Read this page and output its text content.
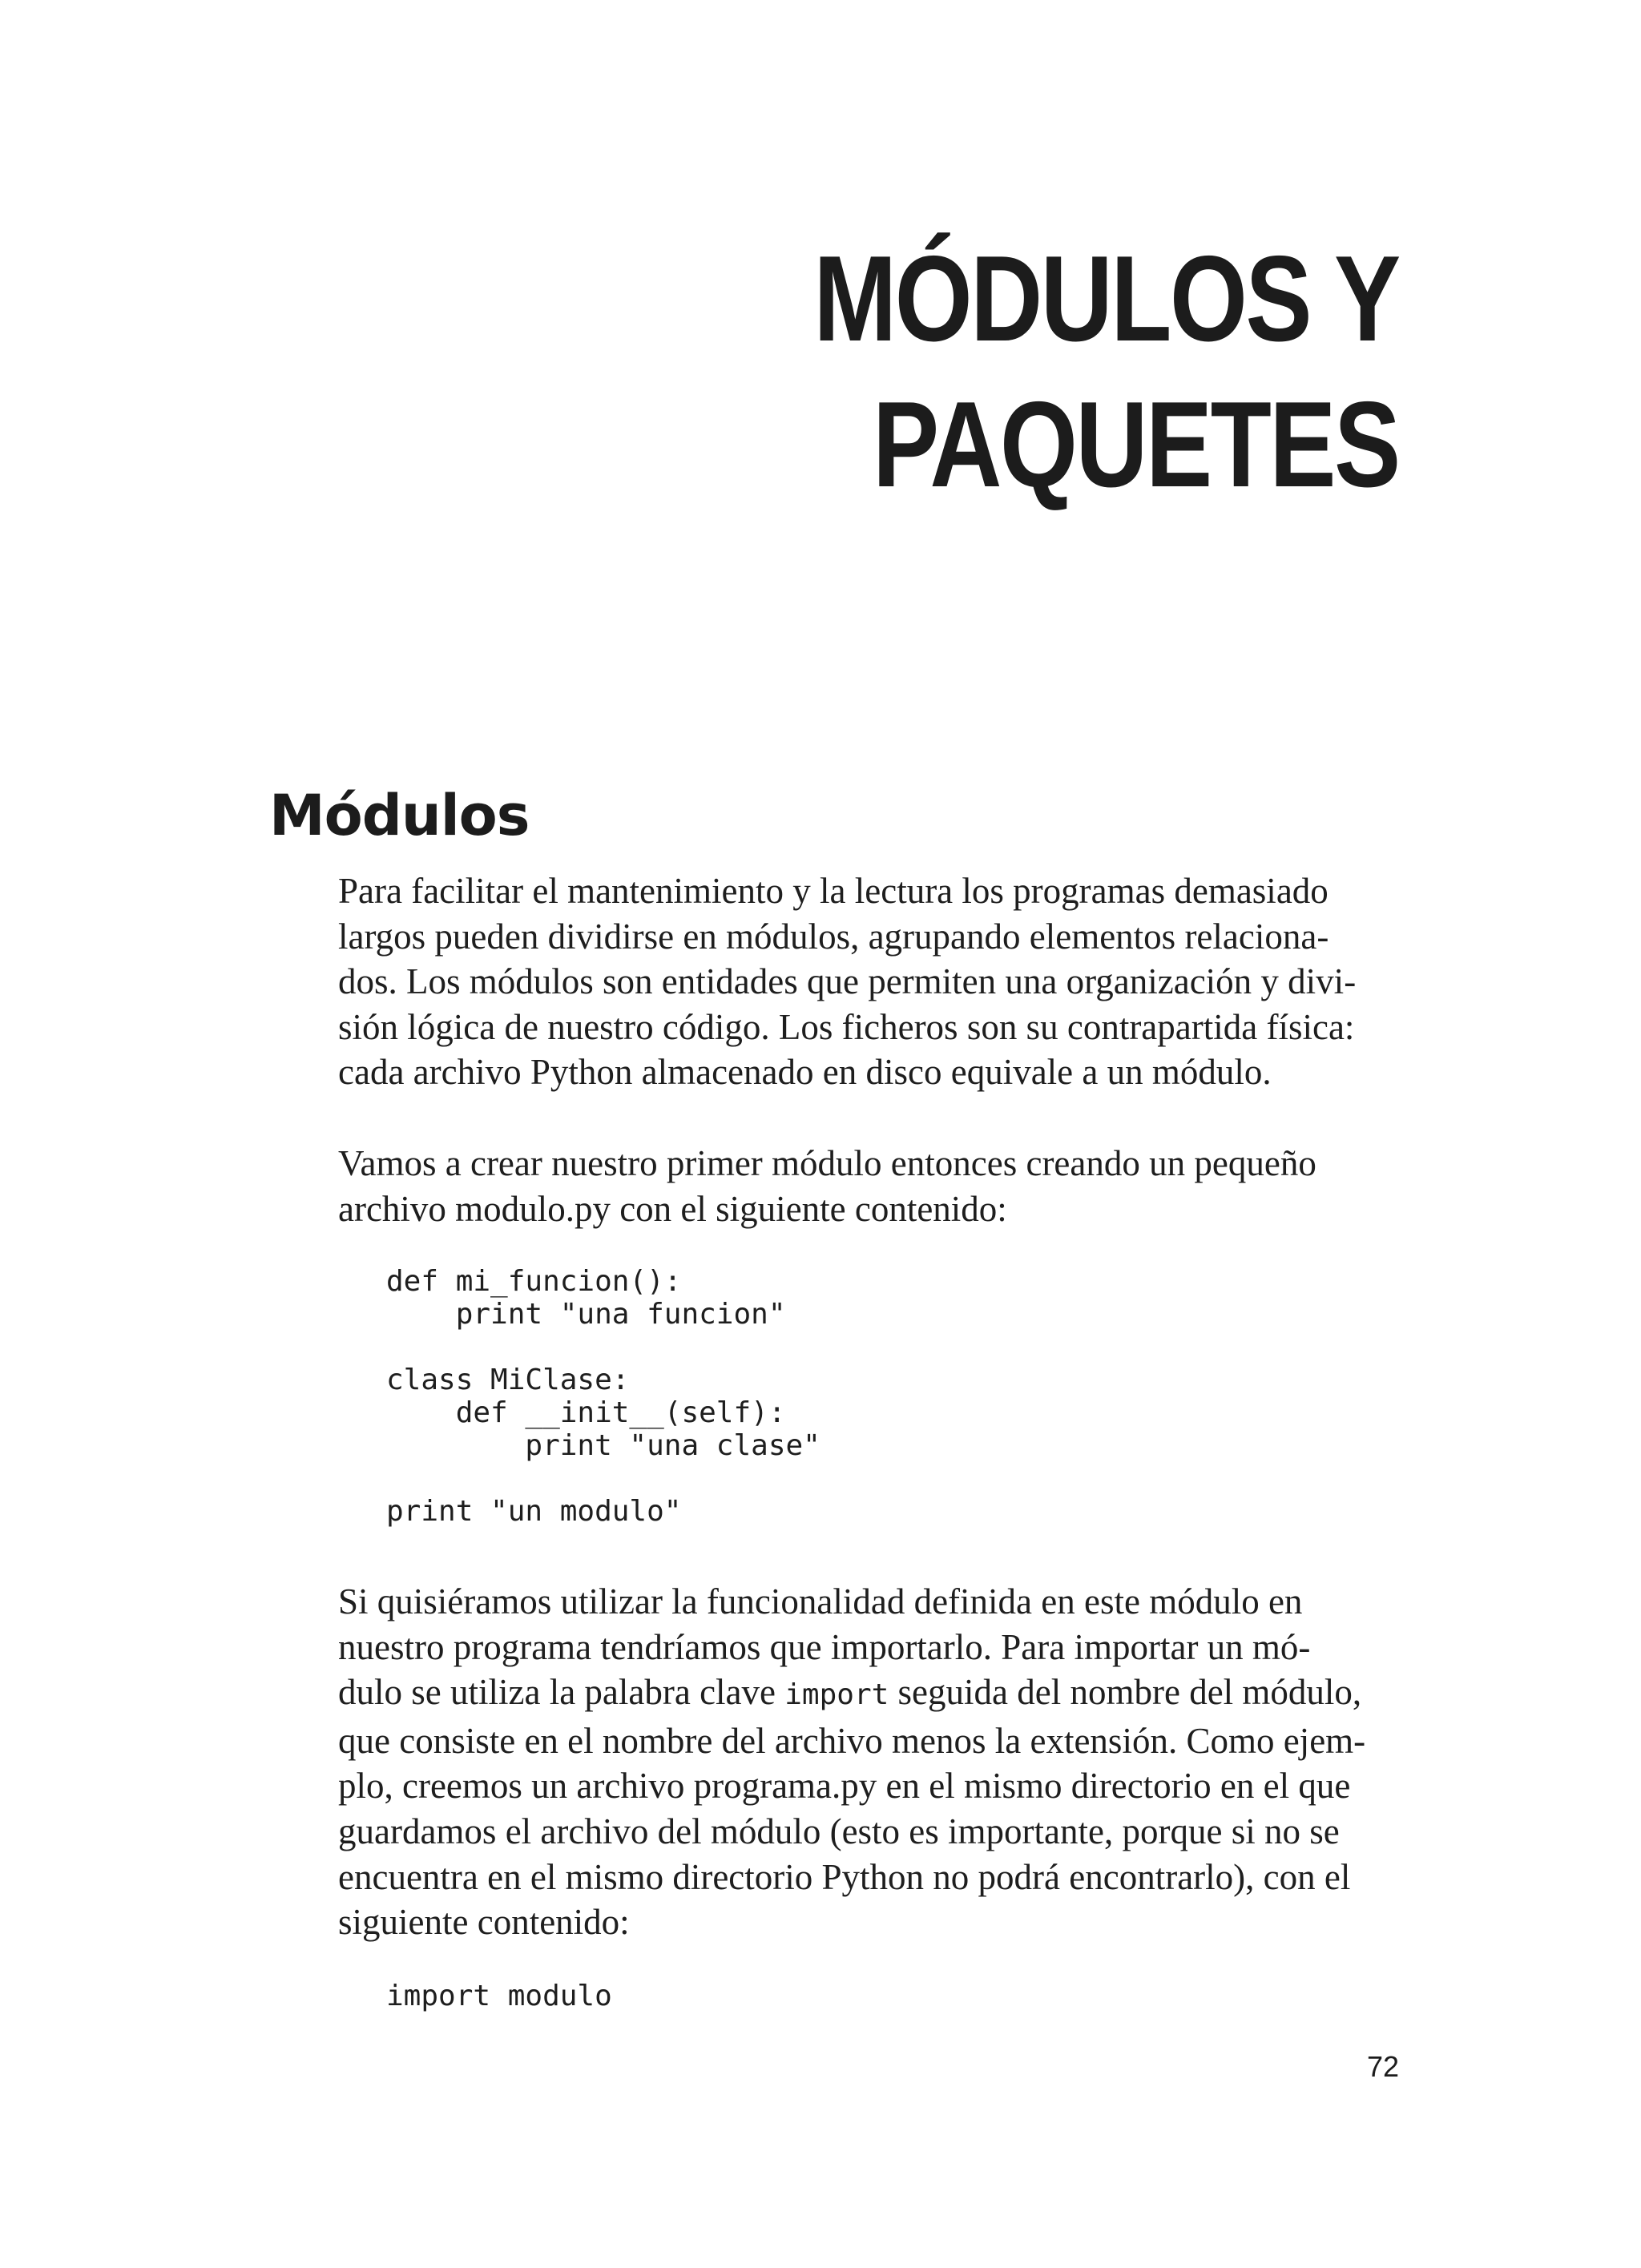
MÓDULOS Y
PAQUETES
Módulos
Para facilitar el mantenimiento y la lectura los programas demasiado
largos pueden dividirse en módulos, agrupando elementos relaciona-
dos. Los módulos son entidades que permiten una organización y divi-
sión lógica de nuestro código. Los ficheros son su contrapartida física:
cada archivo Python almacenado en disco equivale a un módulo.
Vamos a crear nuestro primer módulo entonces creando un pequeño
archivo modulo.py con el siguiente contenido:
def mi_funcion():
print "una funcion"
class MiClase:
def __init__(self):
print "una clase"
print "un modulo"
Si quisiéramos utilizar la funcionalidad definida en este módulo en
nuestro programa tendríamos que importarlo. Para importar un mó-
dulo se utiliza la palabra clave import seguida del nombre del módulo,
que consiste en el nombre del archivo menos la extensión. Como ejem-
plo, creemos un archivo programa.py en el mismo directorio en el que
guardamos el archivo del módulo (esto es importante, porque si no se
encuentra en el mismo directorio Python no podrá encontrarlo), con el
siguiente contenido:
import modulo
72
